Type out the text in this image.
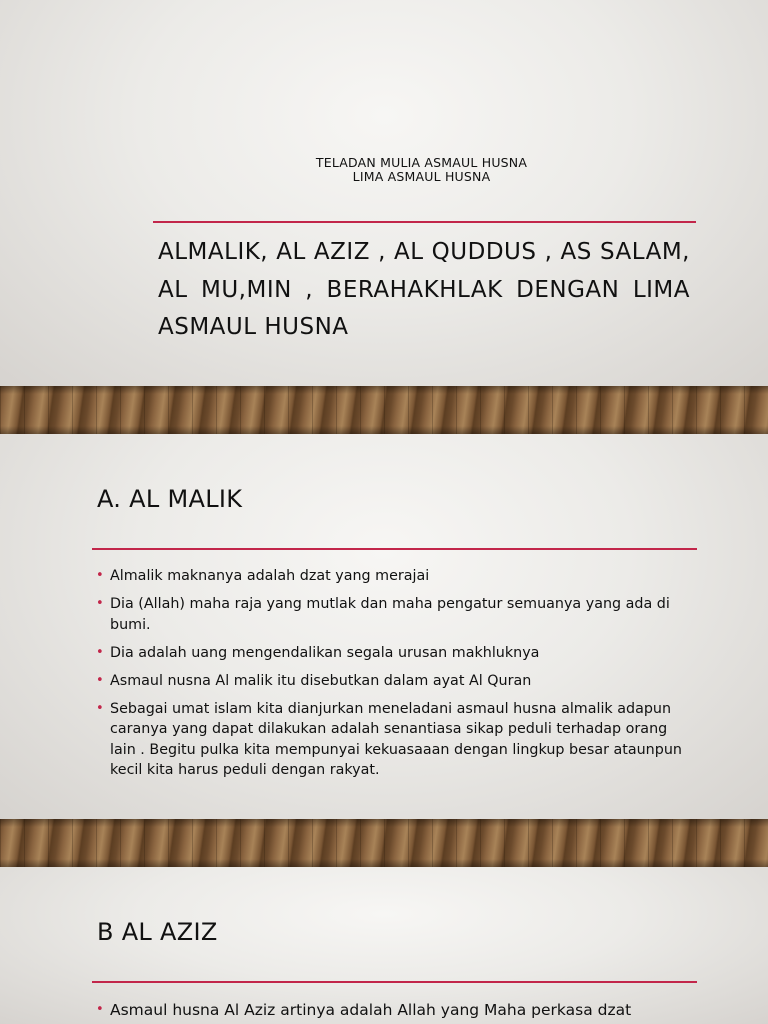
TELADAN MULIA ASMAUL HUSNA
LIMA ASMAUL HUSNA
ALMALIK, AL AZIZ , AL QUDDUS , AS SALAM, AL MU,MIN , BERAHAKHLAK DENGAN LIMA ASMAUL HUSNA
A. AL MALIK
• Almalik maknanya adalah dzat yang merajai
• Dia (Allah) maha raja yang mutlak dan maha pengatur semuanya yang ada di bumi.
• Dia adalah uang mengendalikan segala urusan makhluknya
• Asmaul nusna Al malik itu disebutkan dalam ayat Al Quran
• Sebagai umat islam kita dianjurkan meneladani asmaul husna almalik adapun caranya yang dapat dilakukan adalah senantiasa sikap peduli terhadap orang lain . Begitu pulka kita mempunyai kekuasaaan dengan lingkup besar ataunpun kecil kita harus peduli dengan rakyat.
B AL AZIZ
• Asmaul husna Al Aziz artinya adalah Allah yang Maha perkasa dzat
